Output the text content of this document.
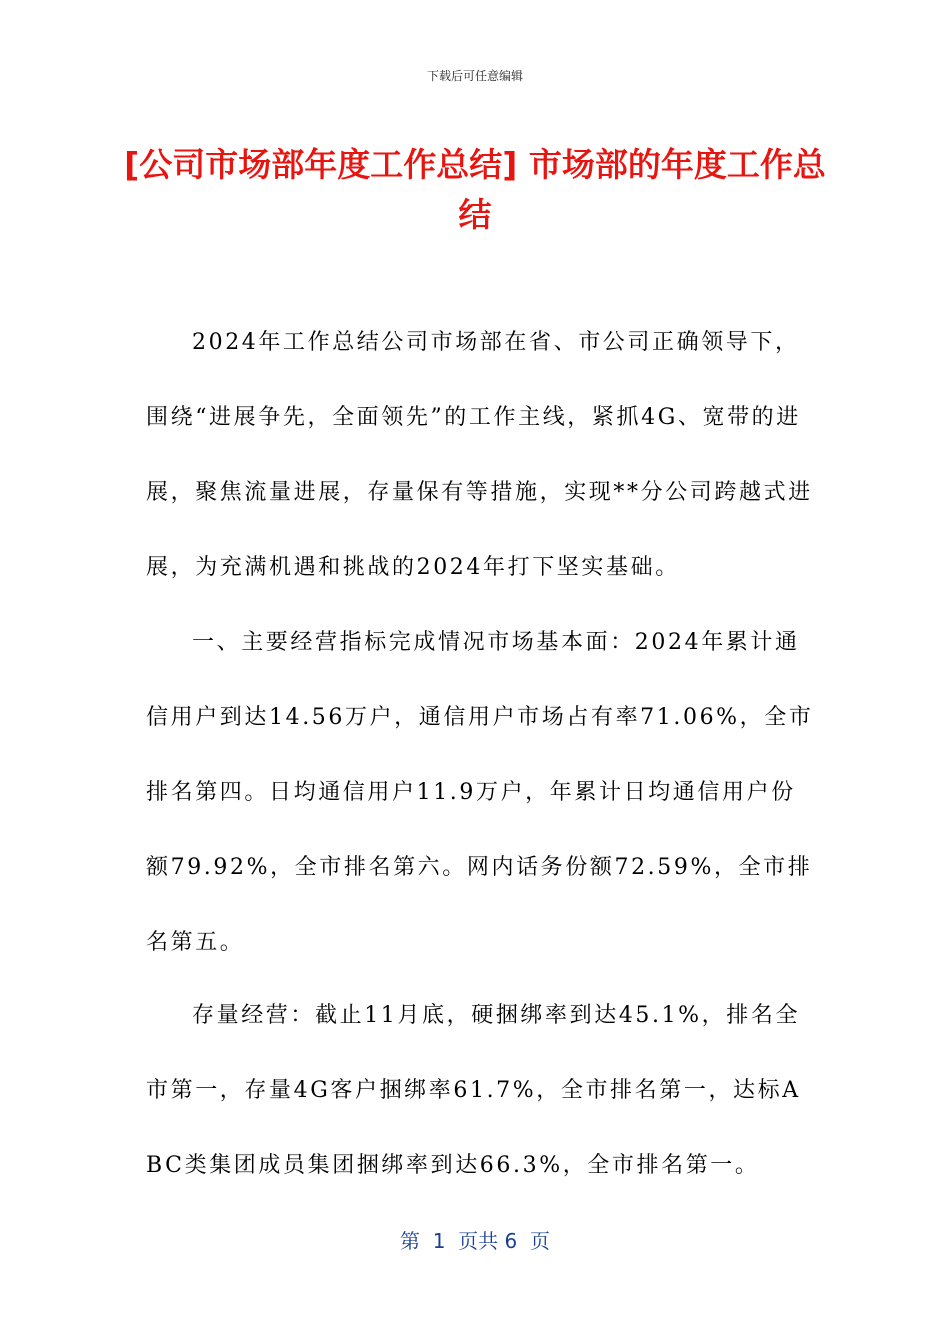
下载后可任意编辑
[公司市场部年度工作总结] 市场部的年度工作总结

2024年工作总结公司市场部在省、市公司正确领导下，围绕“进展争先，全面领先”的工作主线，紧抓4G、宽带的进展，聚焦流量进展，存量保有等措施，实现**分公司跨越式进展，为充满机遇和挑战的2024年打下坚实基础。

一、主要经营指标完成情况市场基本面：2024年累计通信用户到达14.56万户，通信用户市场占有率71.06%，全市排名第四。日均通信用户11.9万户，年累计日均通信用户份额79.92%，全市排名第六。网内话务份额72.59%，全市排名第五。

存量经营：截止11月底，硬捆绑率到达45.1%，排名全市第一，存量4G客户捆绑率61.7%，全市排名第一，达标ABC类集团成员集团捆绑率到达66.3%，全市排名第一。

第  1  页共 6  页
